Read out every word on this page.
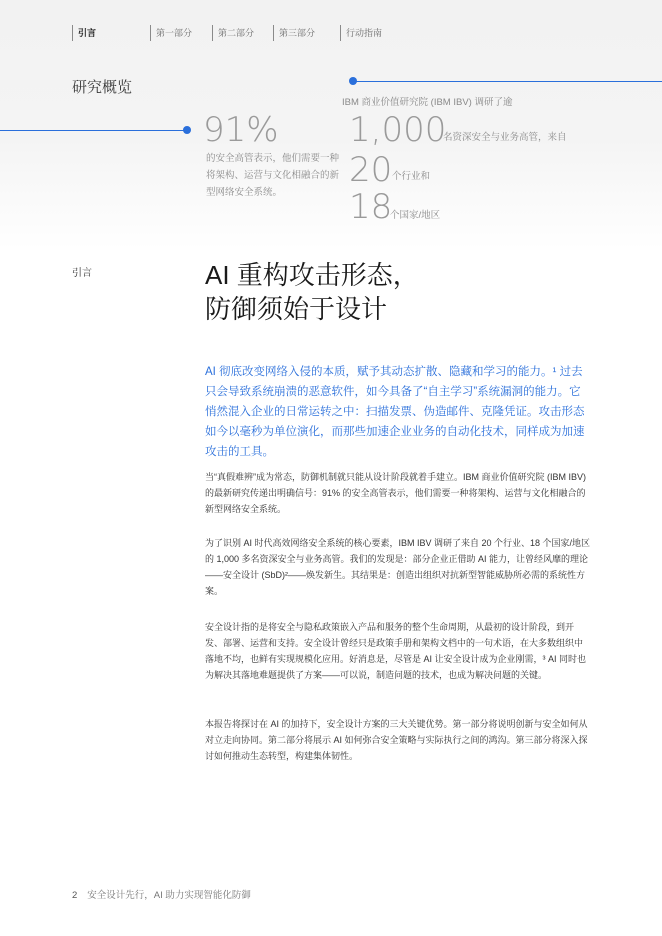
引言	第一部分	第二部分	第三部分	行动指南
研究概览
IBM 商业价值研究院 (IBM IBV) 调研了逾
91%
的安全高管表示，他们需要一种将架构、运营与文化相融合的新型网络安全系统。
1,000
名资深安全与业务高管，来自
20 个行业和
18
个国家/地区
引言	AI 重构攻击形态，
防御须始于设计
AI 彻底改变网络入侵的本质，赋予其动态扩散、隐藏和学习的能力。¹ 过去只会导致系统崩溃的恶意软件，如今具备了“自主学习”系统漏洞的能力。它悄然混入企业的日常运转之中：扫描发票、伪造邮件、克隆凭证。攻击形态如今以毫秒为单位演化，而那些加速企业业务的自动化技术，同样成为加速攻击的工具。
当“真假难辨”成为常态，防御机制就只能从设计阶段就着手建立。IBM 商业价值研究院 (IBM IBV) 的最新研究传递出明确信号：91% 的安全高管表示，他们需要一种将架构、运营与文化相融合的新型网络安全系统。
为了识别 AI 时代高效网络安全系统的核心要素，IBM IBV 调研了来自 20 个行业、18 个国家/地区的 1,000 多名资深安全与业务高管。我们的发现是：部分企业正借助 AI 能力，让曾经风靡的理论——安全设计 (SbD)²——焕发新生。其结果是：创造出组织对抗新型智能威胁所必需的系统性方案。
安全设计指的是将安全与隐私政策嵌入产品和服务的整个生命周期，从最初的设计阶段，到开发、部署、运营和支持。安全设计曾经只是政策手册和架构文档中的一句术语，在大多数组织中落地不均，也鲜有实现规模化应用。好消息是，尽管是 AI 让安全设计成为企业刚需，³ AI 同时也为解决其落地难题提供了方案——可以说，制造问题的技术，也成为解决问题的关键。
本报告将探讨在 AI 的加持下，安全设计方案的三大关键优势。第一部分将说明创新与安全如何从对立走向协同。第二部分将展示 AI 如何弥合安全策略与实际执行之间的鸿沟。第三部分将深入探讨如何推动生态转型，构建集体韧性。
2 安全设计先行，AI 助力实现智能化防御
